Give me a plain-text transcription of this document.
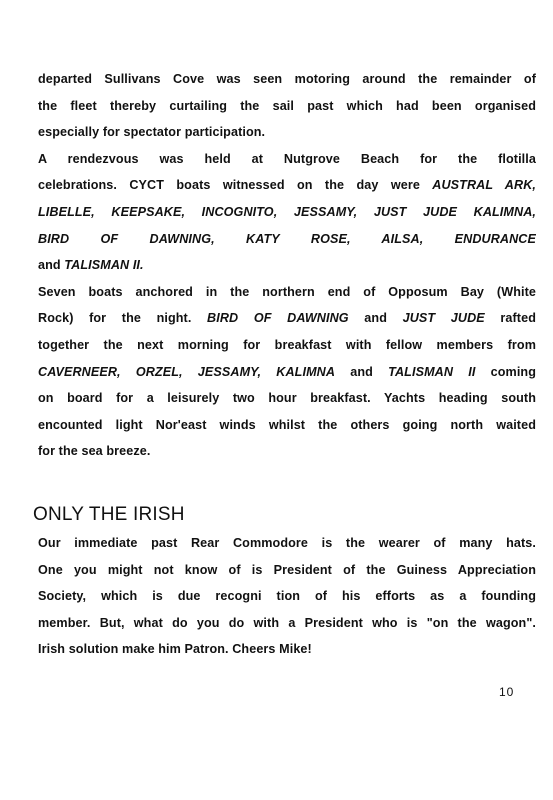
departed Sullivans Cove was seen motoring around the remainder of
the fleet thereby curtailing the sail past which had been organised
especially for spectator participation.

A rendezvous was held at Nutgrove Beach for the flotilla
celebrations. CYCT boats witnessed on the day were AUSTRAL ARK,
LIBELLE, KEEPSAKE, INCOGNITO, JESSAMY, JUST JUDE KALIMNA,
BIRD OF DAWNING, KATY ROSE, AILSA, ENDURANCE
and TALISMAN II.

Seven boats anchored in the northern end of Opposum Bay (White
Rock) for the night. BIRD OF DAWNING and JUST JUDE rafted
together the next morning for breakfast with fellow members from
CAVERNEER, ORZEL, JESSAMY, KALIMNA and TALISMAN II coming
on board for a leisurely two hour breakfast. Yachts heading south
encounted light Nor'east winds whilst the others going north waited
for the sea breeze.

ONLY THE IRISH

Our immediate past Rear Commodore is the wearer of many hats.
One you might not know of is President of the Guiness Appreciation
Society, which is due recogni tion of his efforts as a founding
member. But, what do you do with a President who is "on the wagon".
Irish solution make him Patron. Cheers Mike!

10
